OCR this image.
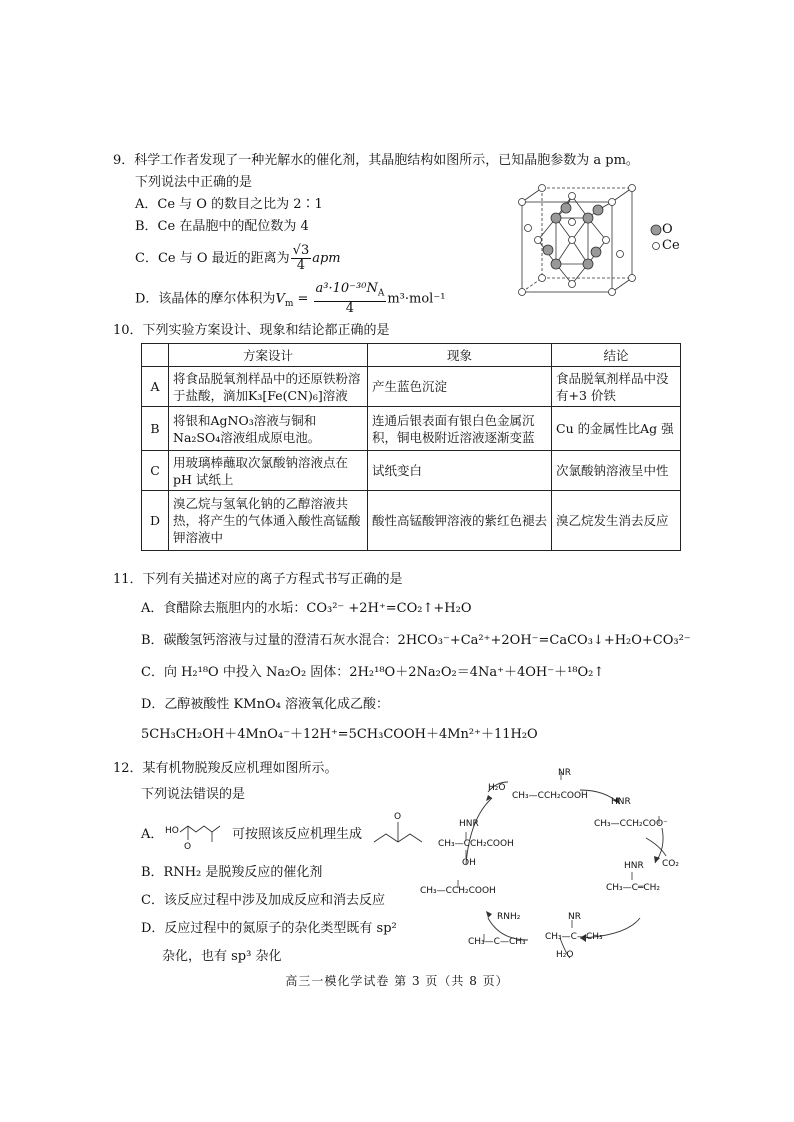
9．科学工作者发现了一种光解水的催化剂，其晶胞结构如图所示，已知晶胞参数为 a pm。
下列说法中正确的是
A．Ce 与 O 的数目之比为 2∶1
B．Ce 在晶胞中的配位数为 4
C．Ce 与 O 最近的距离为 $\frac{√3}{4}$ apm
D．该晶体的摩尔体积为$V_m = \frac{a^3\cdot 10^{-30}N_A}{4} m^3\cdot mol^{-1}$
O
Ce
10．下列实验方案设计、现象和结论都正确的是
	方案设计	现象	结论
A	将食品脱氧剂样品中的还原铁粉溶于盐酸，滴加K₃[Fe(CN)₆]溶液	产生蓝色沉淀	食品脱氧剂样品中没有+3 价铁
B	将银和AgNO₃溶液与铜和Na₂SO₄溶液组成原电池。	连通后银表面有银白色金属沉积，铜电极附近溶液逐渐变蓝	Cu 的金属性比Ag 强
C	用玻璃棒蘸取次氯酸钠溶液点在pH 试纸上	试纸变白	次氯酸钠溶液呈中性
D	溴乙烷与氢氧化钠的乙醇溶液共热，将产生的气体通入酸性高锰酸钾溶液中	酸性高锰酸钾溶液的紫红色褪去	溴乙烷发生消去反应
11．下列有关描述对应的离子方程式书写正确的是
A．食醋除去瓶胆内的水垢：CO₃²⁻ +2H⁺=CO₂↑+H₂O
B．碳酸氢钙溶液与过量的澄清石灰水混合：2HCO₃⁻+Ca²⁺+2OH⁻=CaCO₃↓+H₂O+CO₃²⁻
C．向 H₂¹⁸O 中投入 Na₂O₂ 固体：2H₂¹⁸O＋2Na₂O₂＝4Na⁺＋4OH⁻＋¹⁸O₂↑
D．乙醇被酸性 KMnO₄ 溶液氧化成乙酸：
5CH₃CH₂OH＋4MnO₄⁻＋12H⁺=5CH₃COOH＋4Mn²⁺＋11H₂O
12．某有机物脱羧反应机理如图所示。
下列说法错误的是
A． HO
O
可按照该反应机理生成
O
B．RNH₂ 是脱羧反应的催化剂
C．该反应过程中涉及加成反应和消去反应
D．反应过程中的氮原子的杂化类型既有 sp²
杂化，也有 sp³ 杂化
NR
CH₃—CCH₂COOH
H₂O
HNR
CH₃—CCH₂COO⁻
HNR
CH₃—C═CH₂
CO₂
NR
CH₃—C—CH₃
H₂O
RNH₂
CH₃—C—CH₃
CH₃—CCH₂COOH
HNR
CH₃—CCH₂COOH
OH
高三一模化学试卷 第 3 页（共 8 页）
